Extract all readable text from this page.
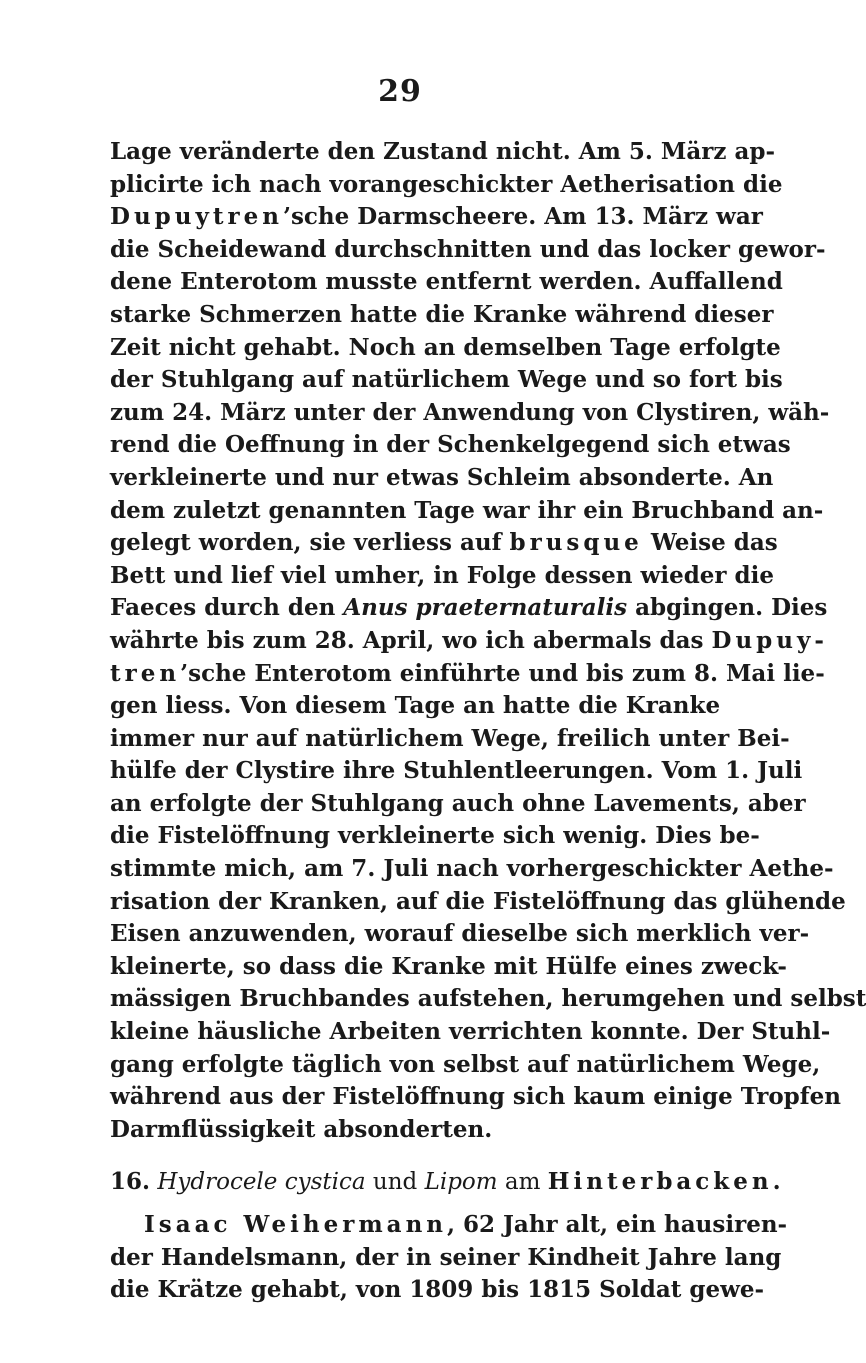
29
Lage veränderte den Zustand nicht. Am 5. März ap-
plicirte ich nach vorangeschickter Aetherisation die
Dupuytren’sche Darmscheere. Am 13. März war
die Scheidewand durchschnitten und das locker gewor-
dene Enterotom musste entfernt werden. Auffallend
starke Schmerzen hatte die Kranke während dieser
Zeit nicht gehabt. Noch an demselben Tage erfolgte
der Stuhlgang auf natürlichem Wege und so fort bis
zum 24. März unter der Anwendung von Clystiren, wäh-
rend die Oeffnung in der Schenkelgegend sich etwas
verkleinerte und nur etwas Schleim absonderte. An
dem zuletzt genannten Tage war ihr ein Bruchband an-
gelegt worden, sie verliess auf brusque Weise das
Bett und lief viel umher, in Folge dessen wieder die
Faeces durch den Anus praeternaturalis abgingen. Dies
währte bis zum 28. April, wo ich abermals das Dupuy-
tren’sche Enterotom einführte und bis zum 8. Mai lie-
gen liess. Von diesem Tage an hatte die Kranke
immer nur auf natürlichem Wege, freilich unter Bei-
hülfe der Clystire ihre Stuhlentleerungen. Vom 1. Juli
an erfolgte der Stuhlgang auch ohne Lavements, aber
die Fistelöffnung verkleinerte sich wenig. Dies be-
stimmte mich, am 7. Juli nach vorhergeschickter Aethe-
risation der Kranken, auf die Fistelöffnung das glühende
Eisen anzuwenden, worauf dieselbe sich merklich ver-
kleinerte, so dass die Kranke mit Hülfe eines zweck-
mässigen Bruchbandes aufstehen, herumgehen und selbst
kleine häusliche Arbeiten verrichten konnte. Der Stuhl-
gang erfolgte täglich von selbst auf natürlichem Wege,
während aus der Fistelöffnung sich kaum einige Tropfen
Darmflüssigkeit absonderten.
16. Hydrocele cystica und Lipom am Hinterbacken.
Isaac Weihermann, 62 Jahr alt, ein hausiren-
der Handelsmann, der in seiner Kindheit Jahre lang
die Krätze gehabt, von 1809 bis 1815 Soldat gewe-
